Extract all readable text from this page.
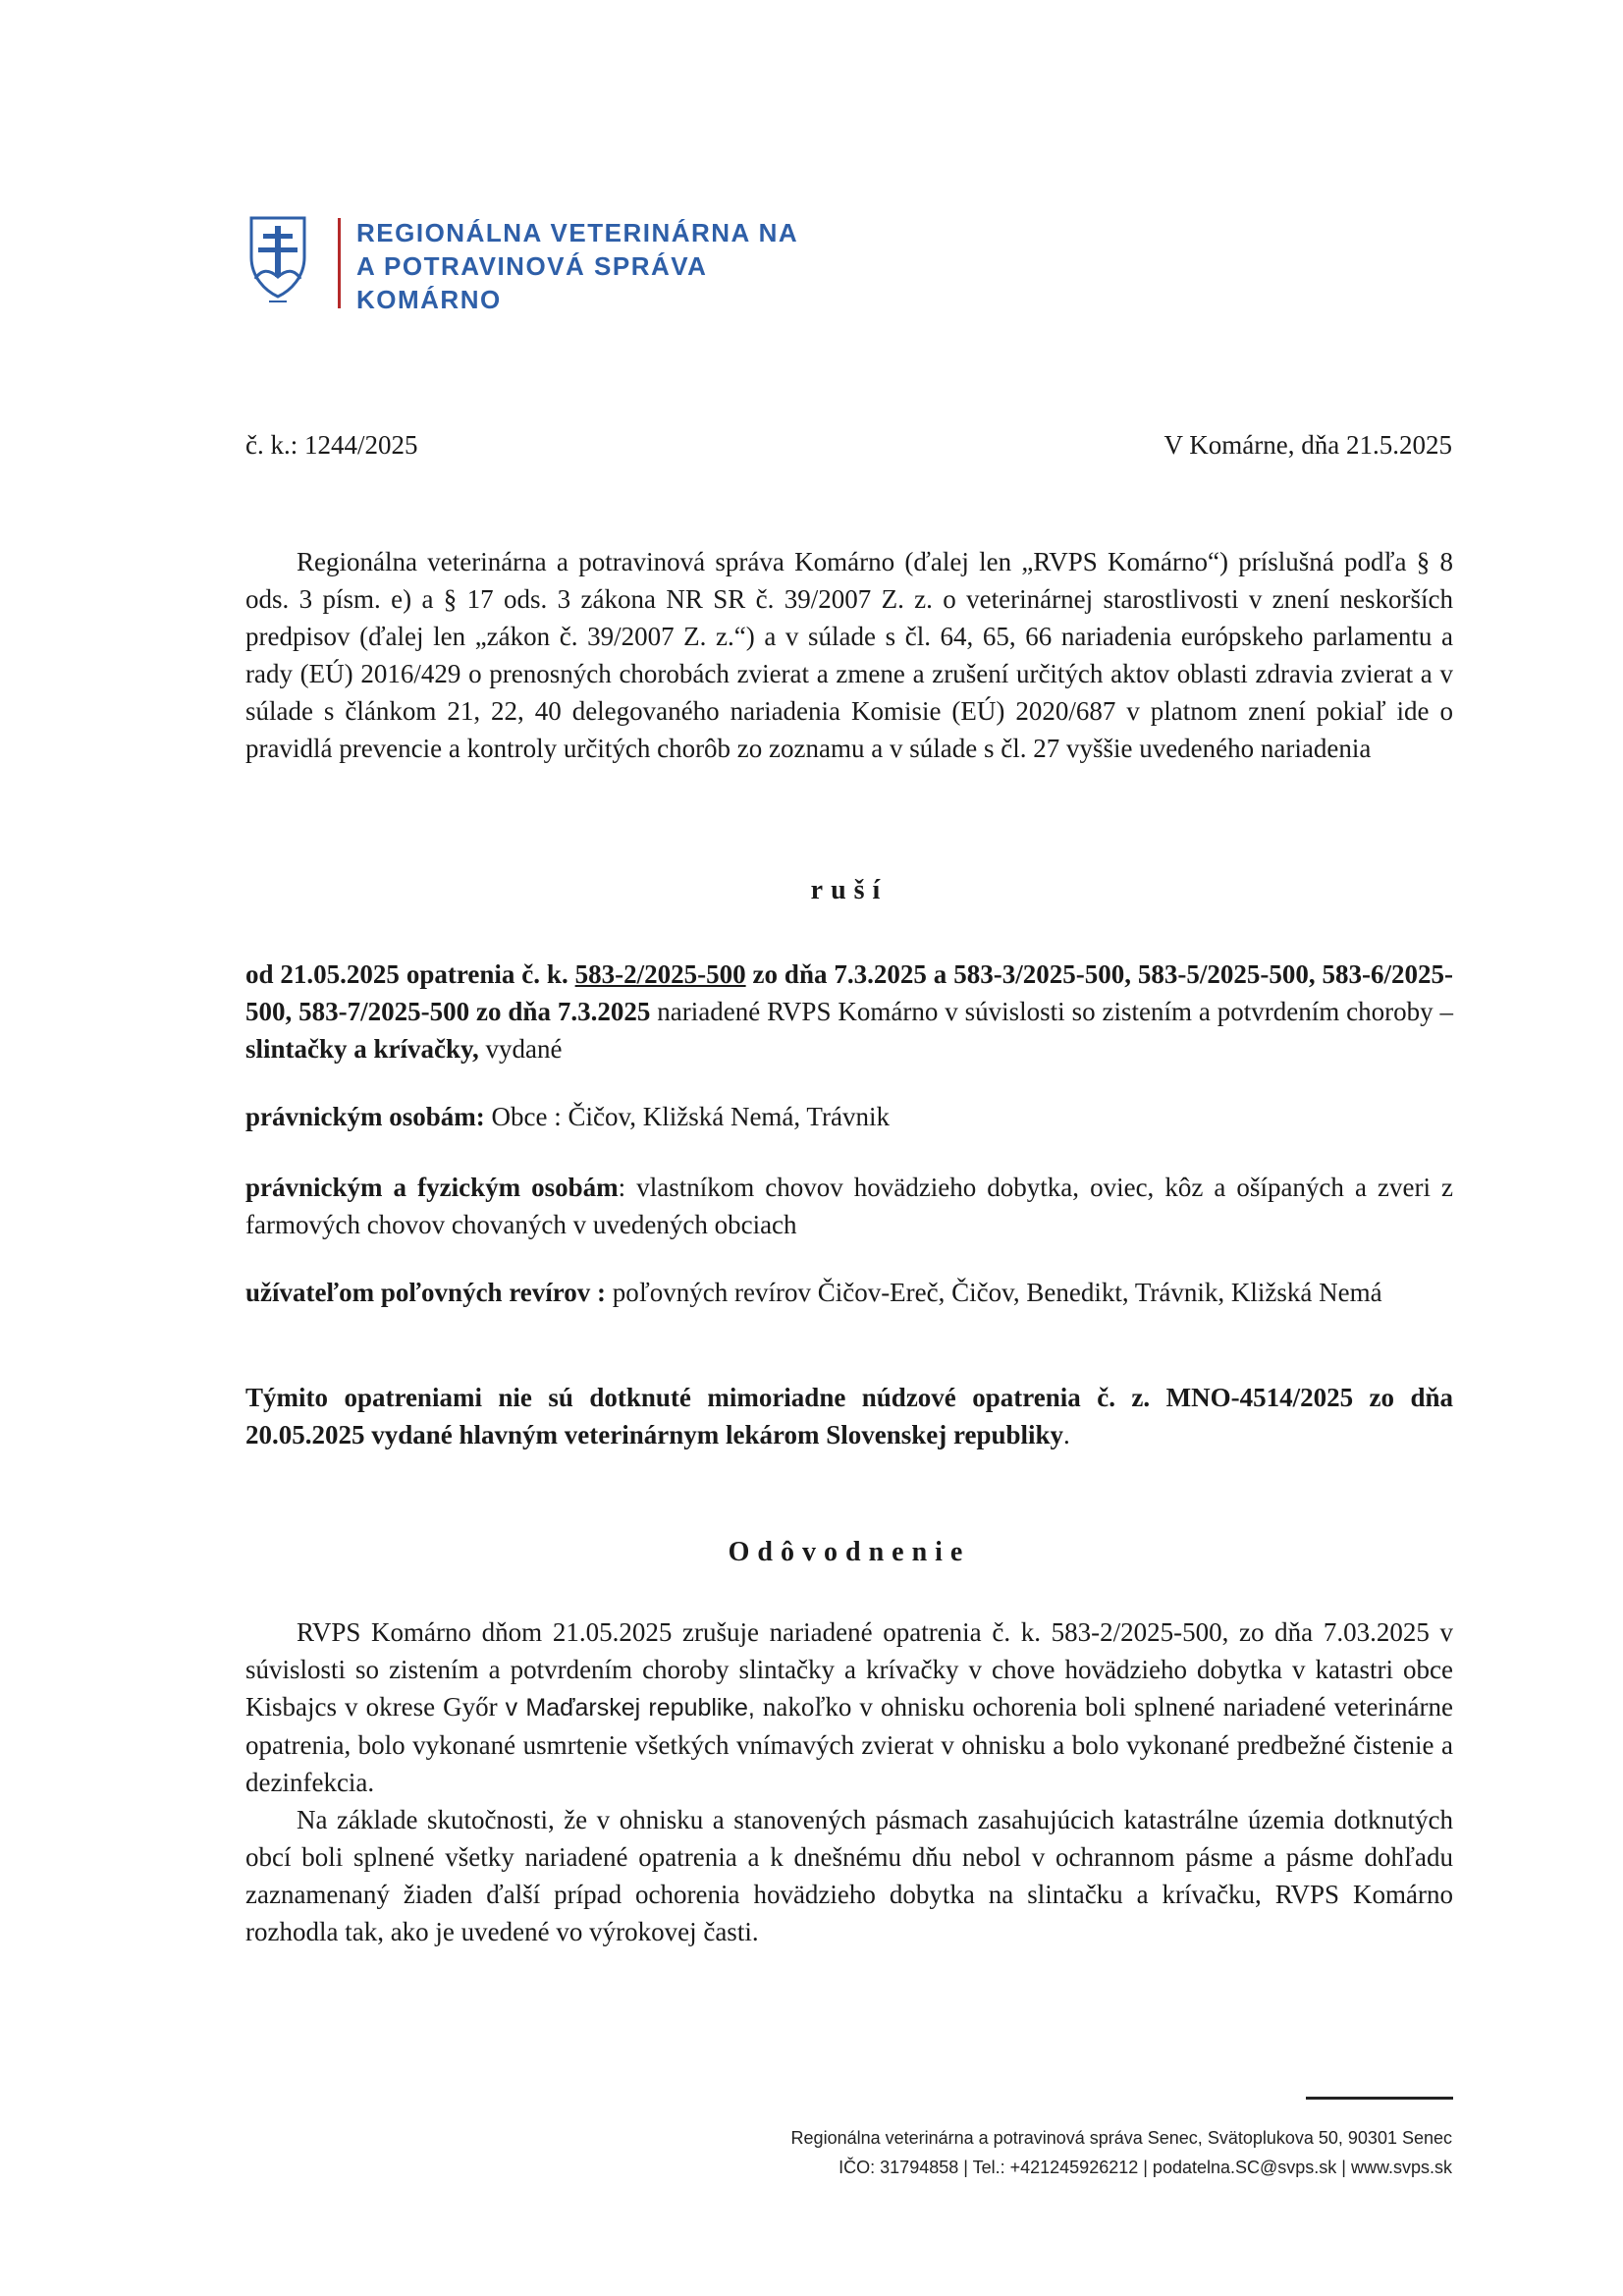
REGIONÁLNA VETERINÁRNA NA
A POTRAVINOVÁ SPRÁVA
KOMÁRNO
č. k.: 1244/2025	V Komárne, dňa 21.5.2025

Regionálna veterinárna a potravinová správa Komárno (ďalej len „RVPS Komárno“) príslušná podľa § 8 ods. 3 písm. e) a § 17 ods. 3 zákona NR SR č. 39/2007 Z. z. o veterinárnej starostlivosti v znení neskorších predpisov (ďalej len „zákon č. 39/2007 Z. z.“) a v súlade s čl. 64, 65, 66 nariadenia európskeho parlamentu a rady (EÚ) 2016/429 o prenosných chorobách zvierat a zmene a zrušení určitých aktov oblasti zdravia zvierat a v súlade s článkom 21, 22, 40 delegovaného nariadenia Komisie (EÚ) 2020/687 v platnom znení pokiaľ ide o pravidlá prevencie a kontroly určitých chorôb zo zoznamu a v súlade s čl. 27 vyššie uvedeného nariadenia

ruší

od 21.05.2025 opatrenia č. k. 583-2/2025-500 zo dňa 7.3.2025 a 583-3/2025-500, 583-5/2025-500, 583-6/2025-500, 583-7/2025-500 zo dňa 7.3.2025 nariadené RVPS Komárno v súvislosti so zistením a potvrdením choroby – slintačky a krívačky, vydané

právnickým osobám: Obce : Čičov, Kližská Nemá, Trávnik

právnickým a fyzickým osobám: vlastníkom chovov hovädzieho dobytka, oviec, kôz a ošípaných a zveri z farmových chovov chovaných v uvedených obciach

užívateľom poľovných revírov : poľovných revírov Čičov-Ereč, Čičov, Benedikt, Trávnik, Kližská Nemá

Týmito opatreniami nie sú dotknuté mimoriadne núdzové opatrenia č. z. MNO-4514/2025 zo dňa 20.05.2025 vydané hlavným veterinárnym lekárom Slovenskej republiky.

Odôvodnenie

RVPS Komárno dňom 21.05.2025 zrušuje nariadené opatrenia č. k. 583-2/2025-500, zo dňa 7.03.2025 v súvislosti so zistením a potvrdením choroby slintačky a krívačky v chove hovädzieho dobytka v katastri obce Kisbajcs v okrese Győr v Maďarskej republike, nakoľko v ohnisku ochorenia boli splnené nariadené veterinárne opatrenia, bolo vykonané usmrtenie všetkých vnímavých zvierat v ohnisku a bolo vykonané predbežné čistenie a dezinfekcia.

Na základe skutočnosti, že v ohnisku a stanovených pásmach zasahujúcich katastrálne územia dotknutých obcí boli splnené všetky nariadené opatrenia a k dnešnému dňu nebol v ochrannom pásme a pásme dohľadu zaznamenaný žiaden ďalší prípad ochorenia hovädzieho dobytka na slintačku a krívačku, RVPS Komárno rozhodla tak, ako je uvedené vo výrokovej časti.

Regionálna veterinárna a potravinová správa Senec, Svätoplukova 50, 90301 Senec
IČO: 31794858 | Tel.: +421245926212 | podatelna.SC@svps.sk | www.svps.sk
